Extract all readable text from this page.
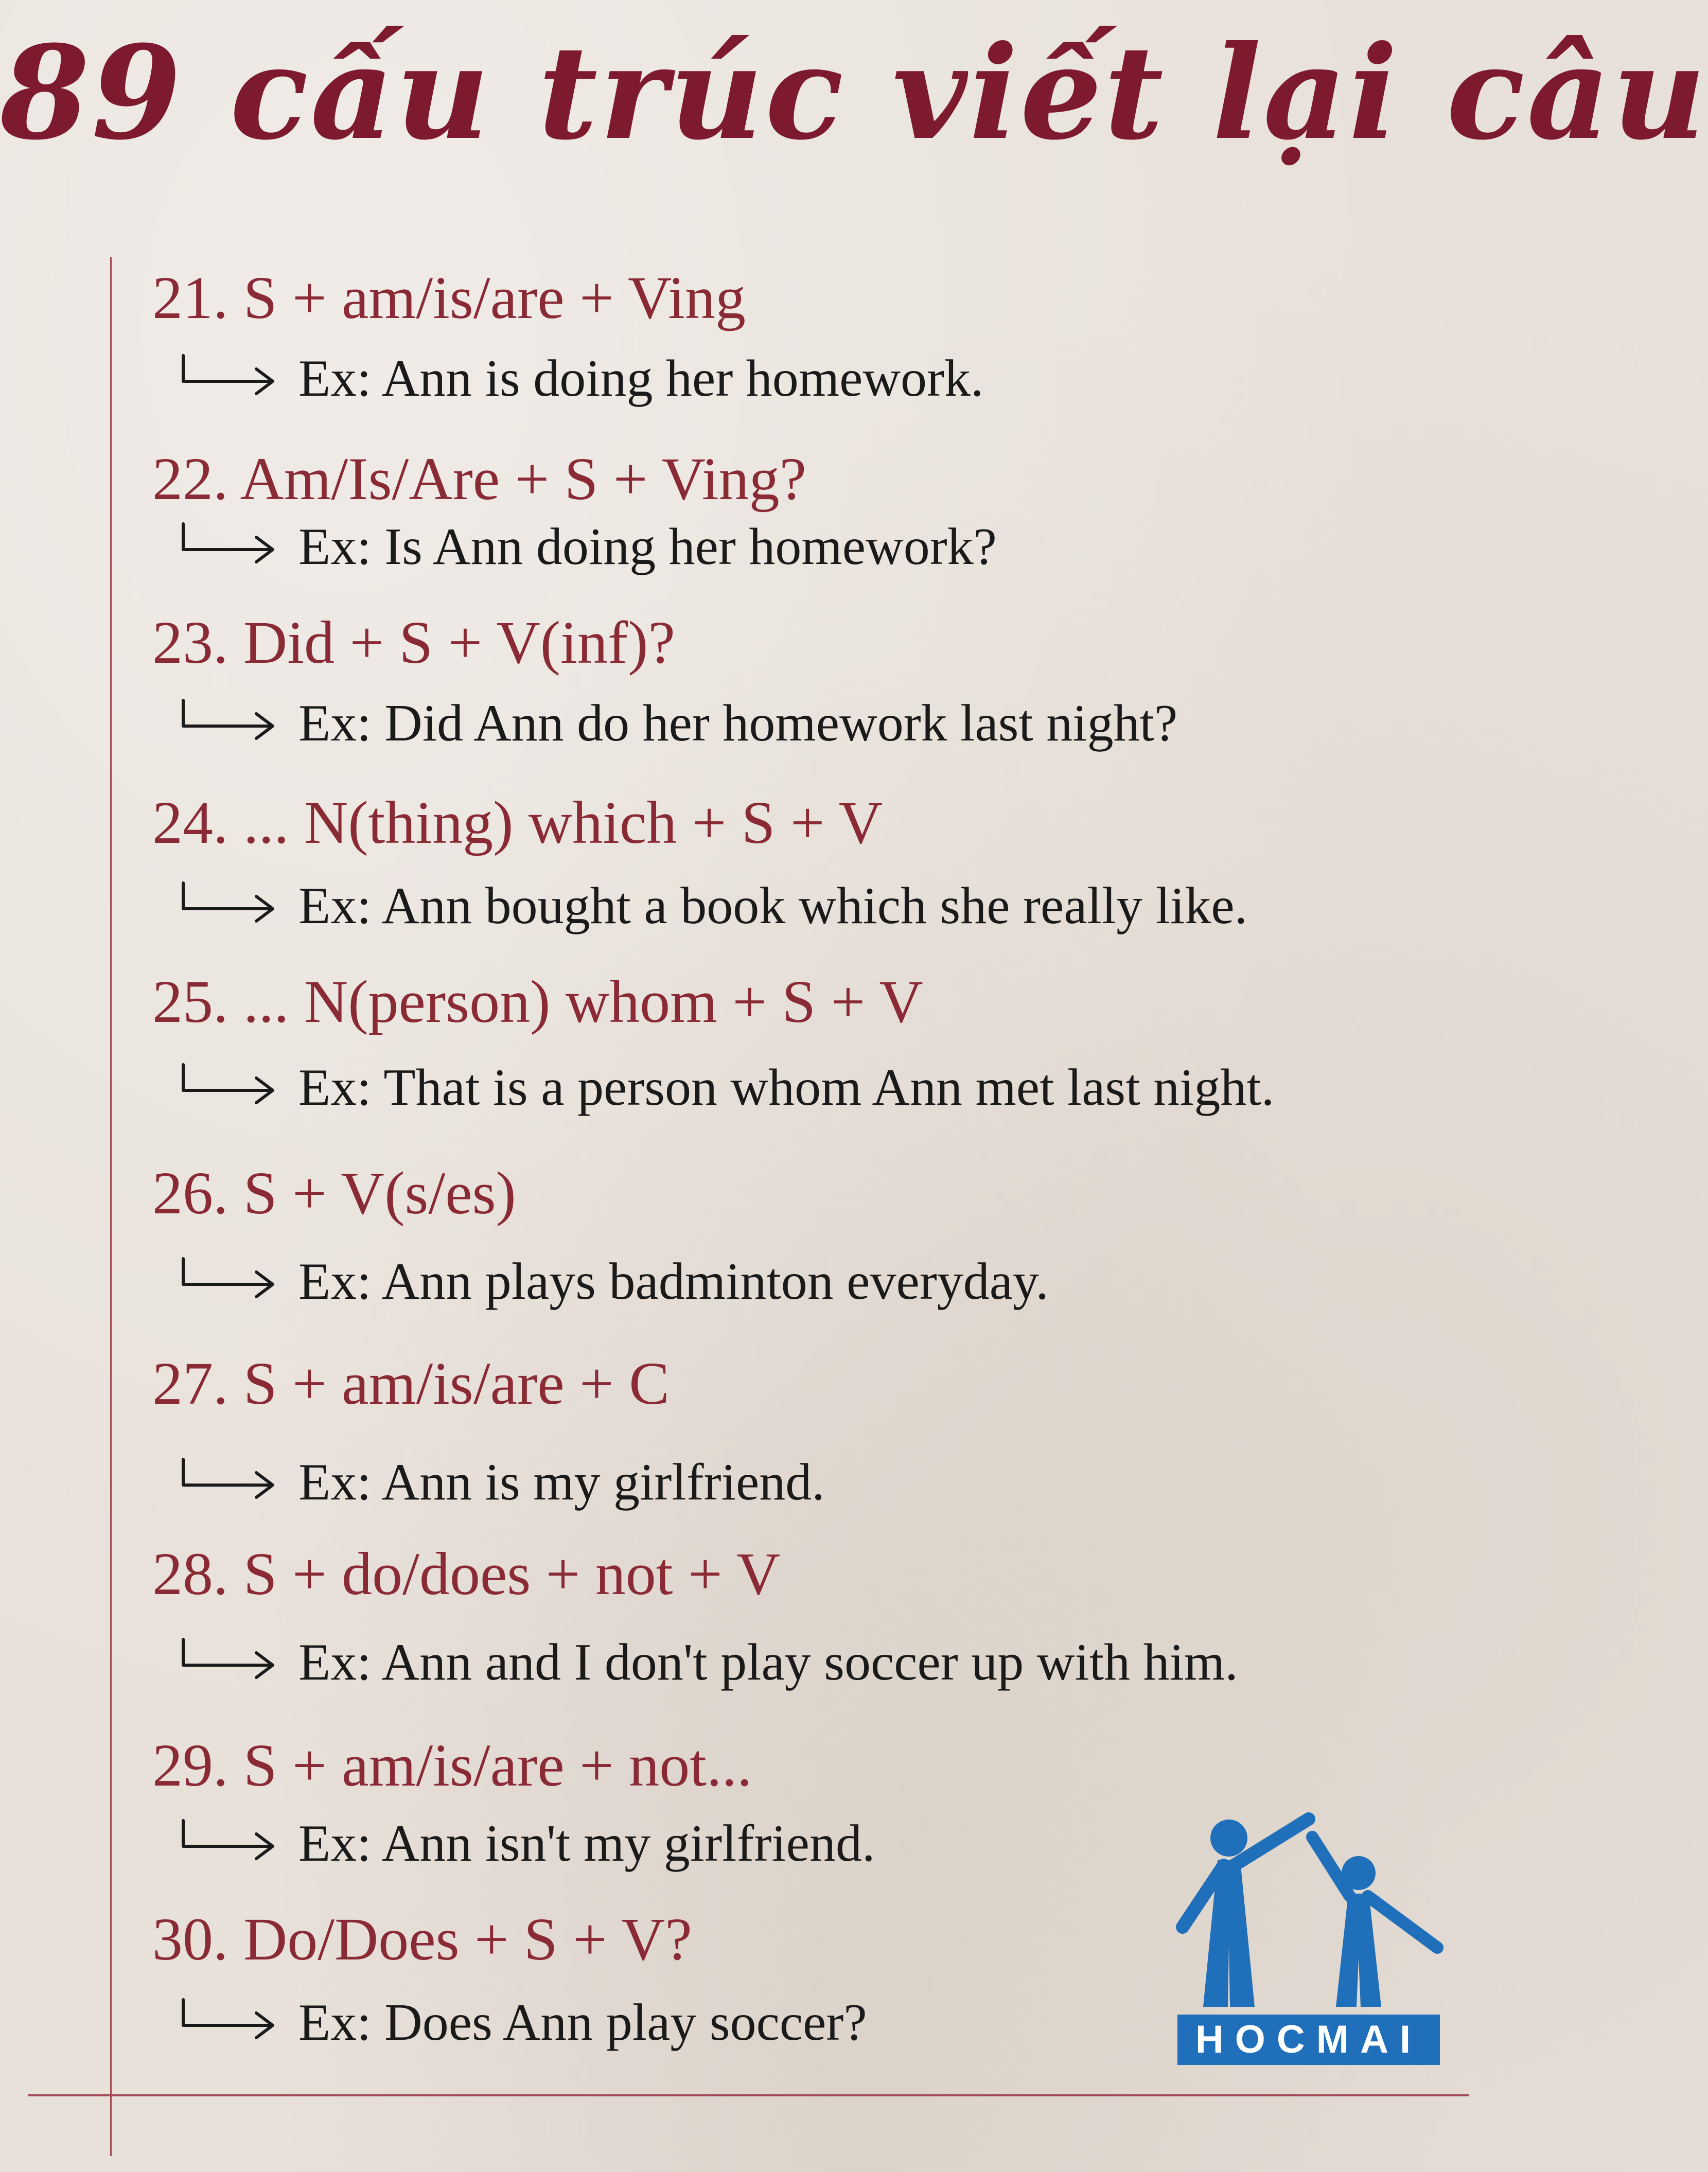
89 cấu trúc viết lại câu
21. S + am/is/are + Ving
Ex: Ann is doing her homework.
22. Am/Is/Are + S + Ving?
Ex: Is Ann doing her homework?
23. Did + S + V(inf)?
Ex: Did Ann do her homework last night?
24. ... N(thing) which + S + V
Ex: Ann bought a book which she really like.
25. ... N(person) whom + S + V
Ex: That is a person whom Ann met last night.
26. S + V(s/es)
Ex: Ann plays badminton everyday.
27. S + am/is/are + C
Ex: Ann is my girlfriend.
28. S + do/does + not + V
Ex: Ann and I don't play soccer up with him.
29. S + am/is/are + not...
Ex: Ann isn't my girlfriend.
30. Do/Does + S + V?
Ex: Does Ann play soccer?	HOCMAI
